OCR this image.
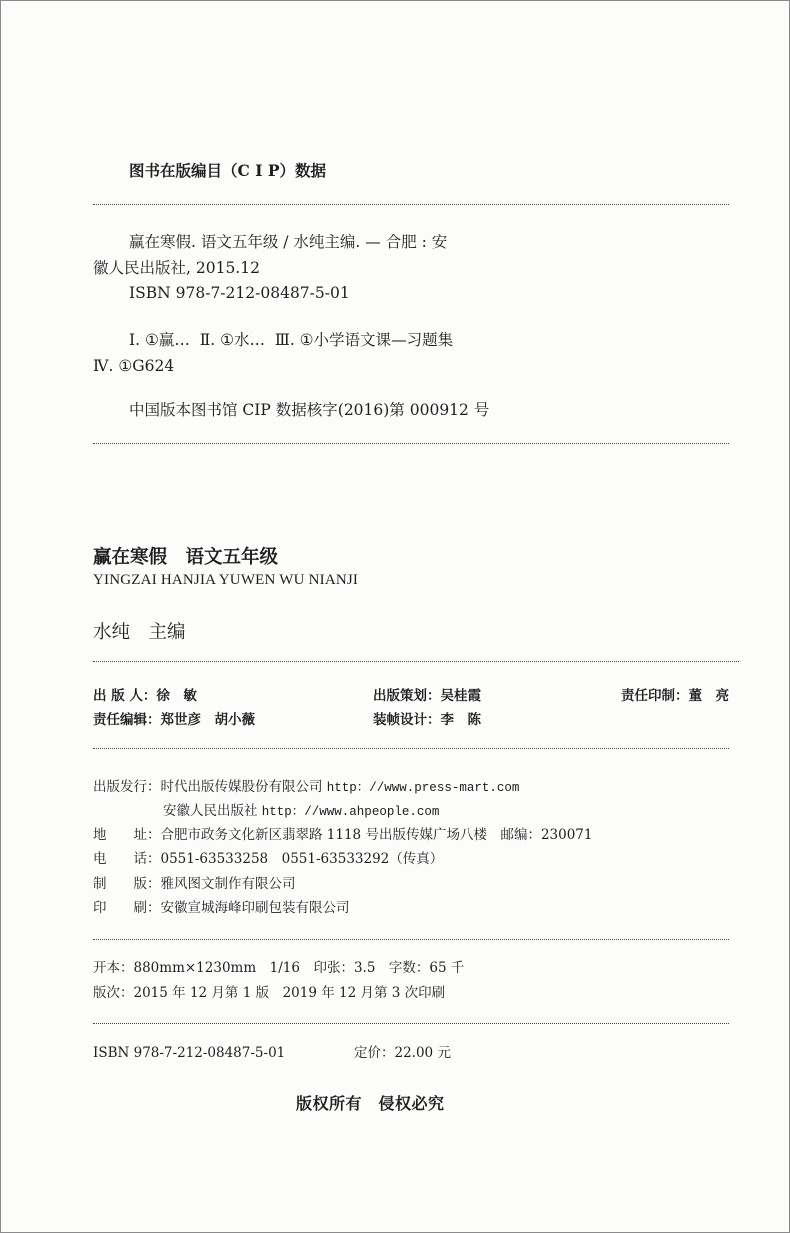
图书在版编目（C I P）数据
赢在寒假. 语文五年级 / 水纯主编. — 合肥 : 安
徽人民出版社, 2015.12
ISBN 978-7-212-08487-5-01
Ⅰ. ①赢…  Ⅱ. ①水…  Ⅲ. ①小学语文课—习题集
Ⅳ. ①G624
中国版本图书馆 CIP 数据核字(2016)第 000912 号
赢在寒假　语文五年级
YINGZAI HANJIA YUWEN WU NIANJI
水纯　主编
出 版 人：徐　敏	出版策划：吴桂霞	责任印制：董　亮
责任编辑：郑世彦　胡小薇	装帧设计：李　陈
出版发行：时代出版传媒股份有限公司 http：//www.press-mart.com
安徽人民出版社 http：//www.ahpeople.com
地　　址：合肥市政务文化新区翡翠路 1118 号出版传媒广场八楼　邮编：230071
电　　话：0551-63533258　0551-63533292（传真）
制　　版：雅风图文制作有限公司
印　　刷：安徽宣城海峰印刷包装有限公司
开本：880mm×1230mm　1/16　印张：3.5　字数：65 千
版次：2015 年 12 月第 1 版　2019 年 12 月第 3 次印刷
ISBN 978-7-212-08487-5-01	定价：22.00 元
版权所有　侵权必究
